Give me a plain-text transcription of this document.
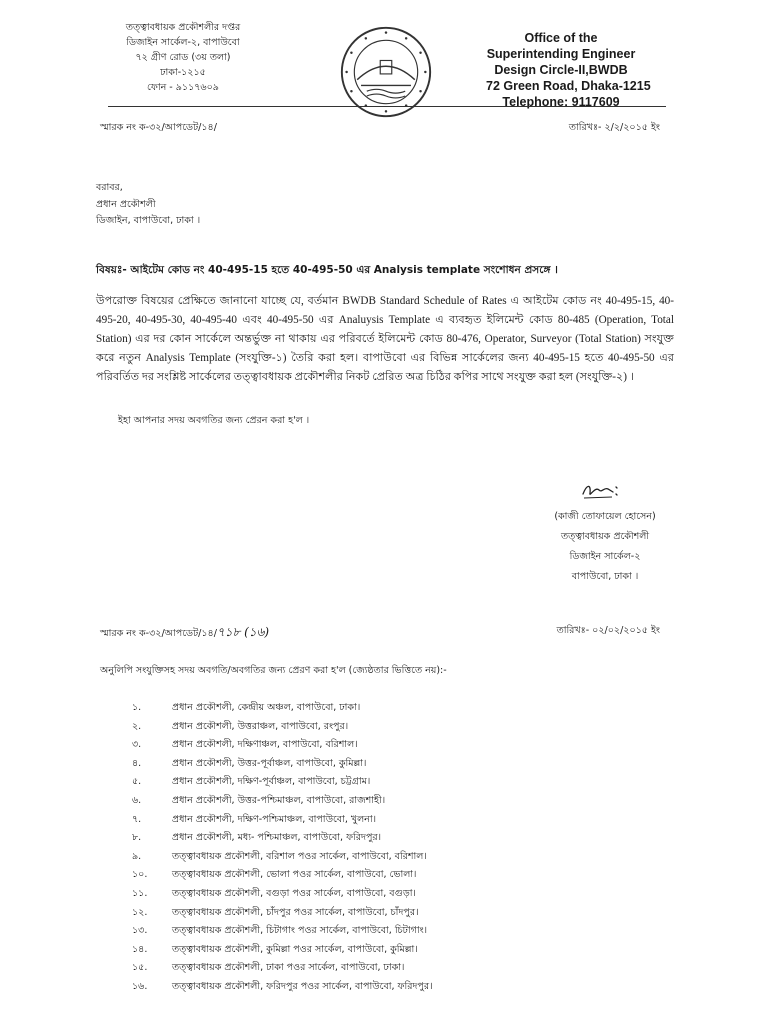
তত্ত্বাবধায়ক প্রকৌশলীর দপ্তর
ডিজাইন সার্কেল-২, বাপাউবো
৭২ গ্রীণ রোড (৩য় তলা)
ঢাকা-১২১৫
ফোন - ৯১১৭৬০৯
Office of the
Superintending Engineer
Design Circle-II,BWDB
72 Green Road, Dhaka-1215
Telephone: 9117609
স্মারক নং ক-৩২/আপডেট/১৪/	তারিখঃ- ২/২/২০১৫ ইং
বরাবর,
প্রধান প্রকৌশলী
ডিজাইন, বাপাউবো, ঢাকা ।
বিষয়ঃ- আইটেম কোড নং 40-495-15 হতে 40-495-50 এর Analysis template সংশোধন প্রসঙ্গে ।
উপরোক্ত বিষয়ের প্রেক্ষিতে জানানো যাচ্ছে যে, বর্তমান BWDB Standard Schedule of Rates এ আইটেম কোড নং 40-495-15, 40-495-20, 40-495-30, 40-495-40 এবং 40-495-50 এর Analuysis Template এ ব্যবহৃত ইলিমেন্ট কোড 80-485 (Operation, Total Station) এর দর কোন সার্কেলে অন্তর্ভুক্ত না থাকায় এর পরিবর্তে ইলিমেন্ট কোড 80-476, Operator, Surveyor (Total Station) সংযুক্ত করে নতুন Analysis Template (সংযুক্তি-১) তৈরি করা হল। বাপাউবো এর বিভিন্ন সার্কেলের জন্য 40-495-15 হতে 40-495-50 এর পরিবর্তিত দর সংশ্লিষ্ট সার্কেলের তত্ত্বাবধায়ক প্রকৌশলীর নিকট প্রেরিত অত্র চিঠির কপির সাথে সংযুক্ত করা হল (সংযুক্তি-২) ।
ইহা আপনার সদয় অবগতির জন্য প্রেরন করা হ'ল ।
(কাজী তোফায়েল হোসেন)
তত্ত্বাবধায়ক প্রকৌশলী
ডিজাইন সার্কেল-২
বাপাউবো, ঢাকা ।
স্মারক নং ক-৩২/আপডেট/১৪/৭১৮ (১৬)	তারিখঃ- ০২/০২/২০১৫ ইং
অনুলিপি সংযুক্তিসহ সদয় অবগতি/অবগতির জন্য প্রেরণ করা হ'ল (জ্যেষ্ঠতার ভিত্তিতে নয়):-
১.	প্রধান প্রকৌশলী, কেন্দ্রীয় অঞ্চল, বাপাউবো, ঢাকা।
২.	প্রধান প্রকৌশলী, উত্তরাঞ্চল, বাপাউবো, রংপুর।
৩.	প্রধান প্রকৌশলী, দক্ষিণাঞ্চল, বাপাউবো, বরিশাল।
৪.	প্রধান প্রকৌশলী, উত্তর-পূর্বাঞ্চল, বাপাউবো, কুমিল্লা।
৫.	প্রধান প্রকৌশলী, দক্ষিণ-পূর্বাঞ্চল, বাপাউবো, চট্টগ্রাম।
৬.	প্রধান প্রকৌশলী, উত্তর-পশ্চিমাঞ্চল, বাপাউবো, রাজশাহী।
৭.	প্রধান প্রকৌশলী, দক্ষিণ-পশ্চিমাঞ্চল, বাপাউবো, খুলনা।
৮.	প্রধান প্রকৌশলী, মধ্য- পশ্চিমাঞ্চল, বাপাউবো, ফরিদপুর।
৯.	তত্ত্বাবধায়ক প্রকৌশলী, বরিশাল পওর সার্কেল, বাপাউবো, বরিশাল।
১০.	তত্ত্বাবধায়ক প্রকৌশলী, ভোলা পওর সার্কেল, বাপাউবো, ভোলা।
১১.	তত্ত্বাবধায়ক প্রকৌশলী, বগুড়া পওর সার্কেল, বাপাউবো, বগুড়া।
১২.	তত্ত্বাবধায়ক প্রকৌশলী, চাঁদপুর পওর সার্কেল, বাপাউবো, চাঁদপুর।
১৩.	তত্ত্বাবধায়ক প্রকৌশলী, চিটাগাং পওর সার্কেল, বাপাউবো, চিটাগাং।
১৪.	তত্ত্বাবধায়ক প্রকৌশলী, কুমিল্লা পওর সার্কেল, বাপাউবো, কুমিল্লা।
১৫.	তত্ত্বাবধায়ক প্রকৌশলী, ঢাকা পওর সার্কেল, বাপাউবো, ঢাকা।
১৬.	তত্ত্বাবধায়ক প্রকৌশলী, ফরিদপুর পওর সার্কেল, বাপাউবো, ফরিদপুর।
